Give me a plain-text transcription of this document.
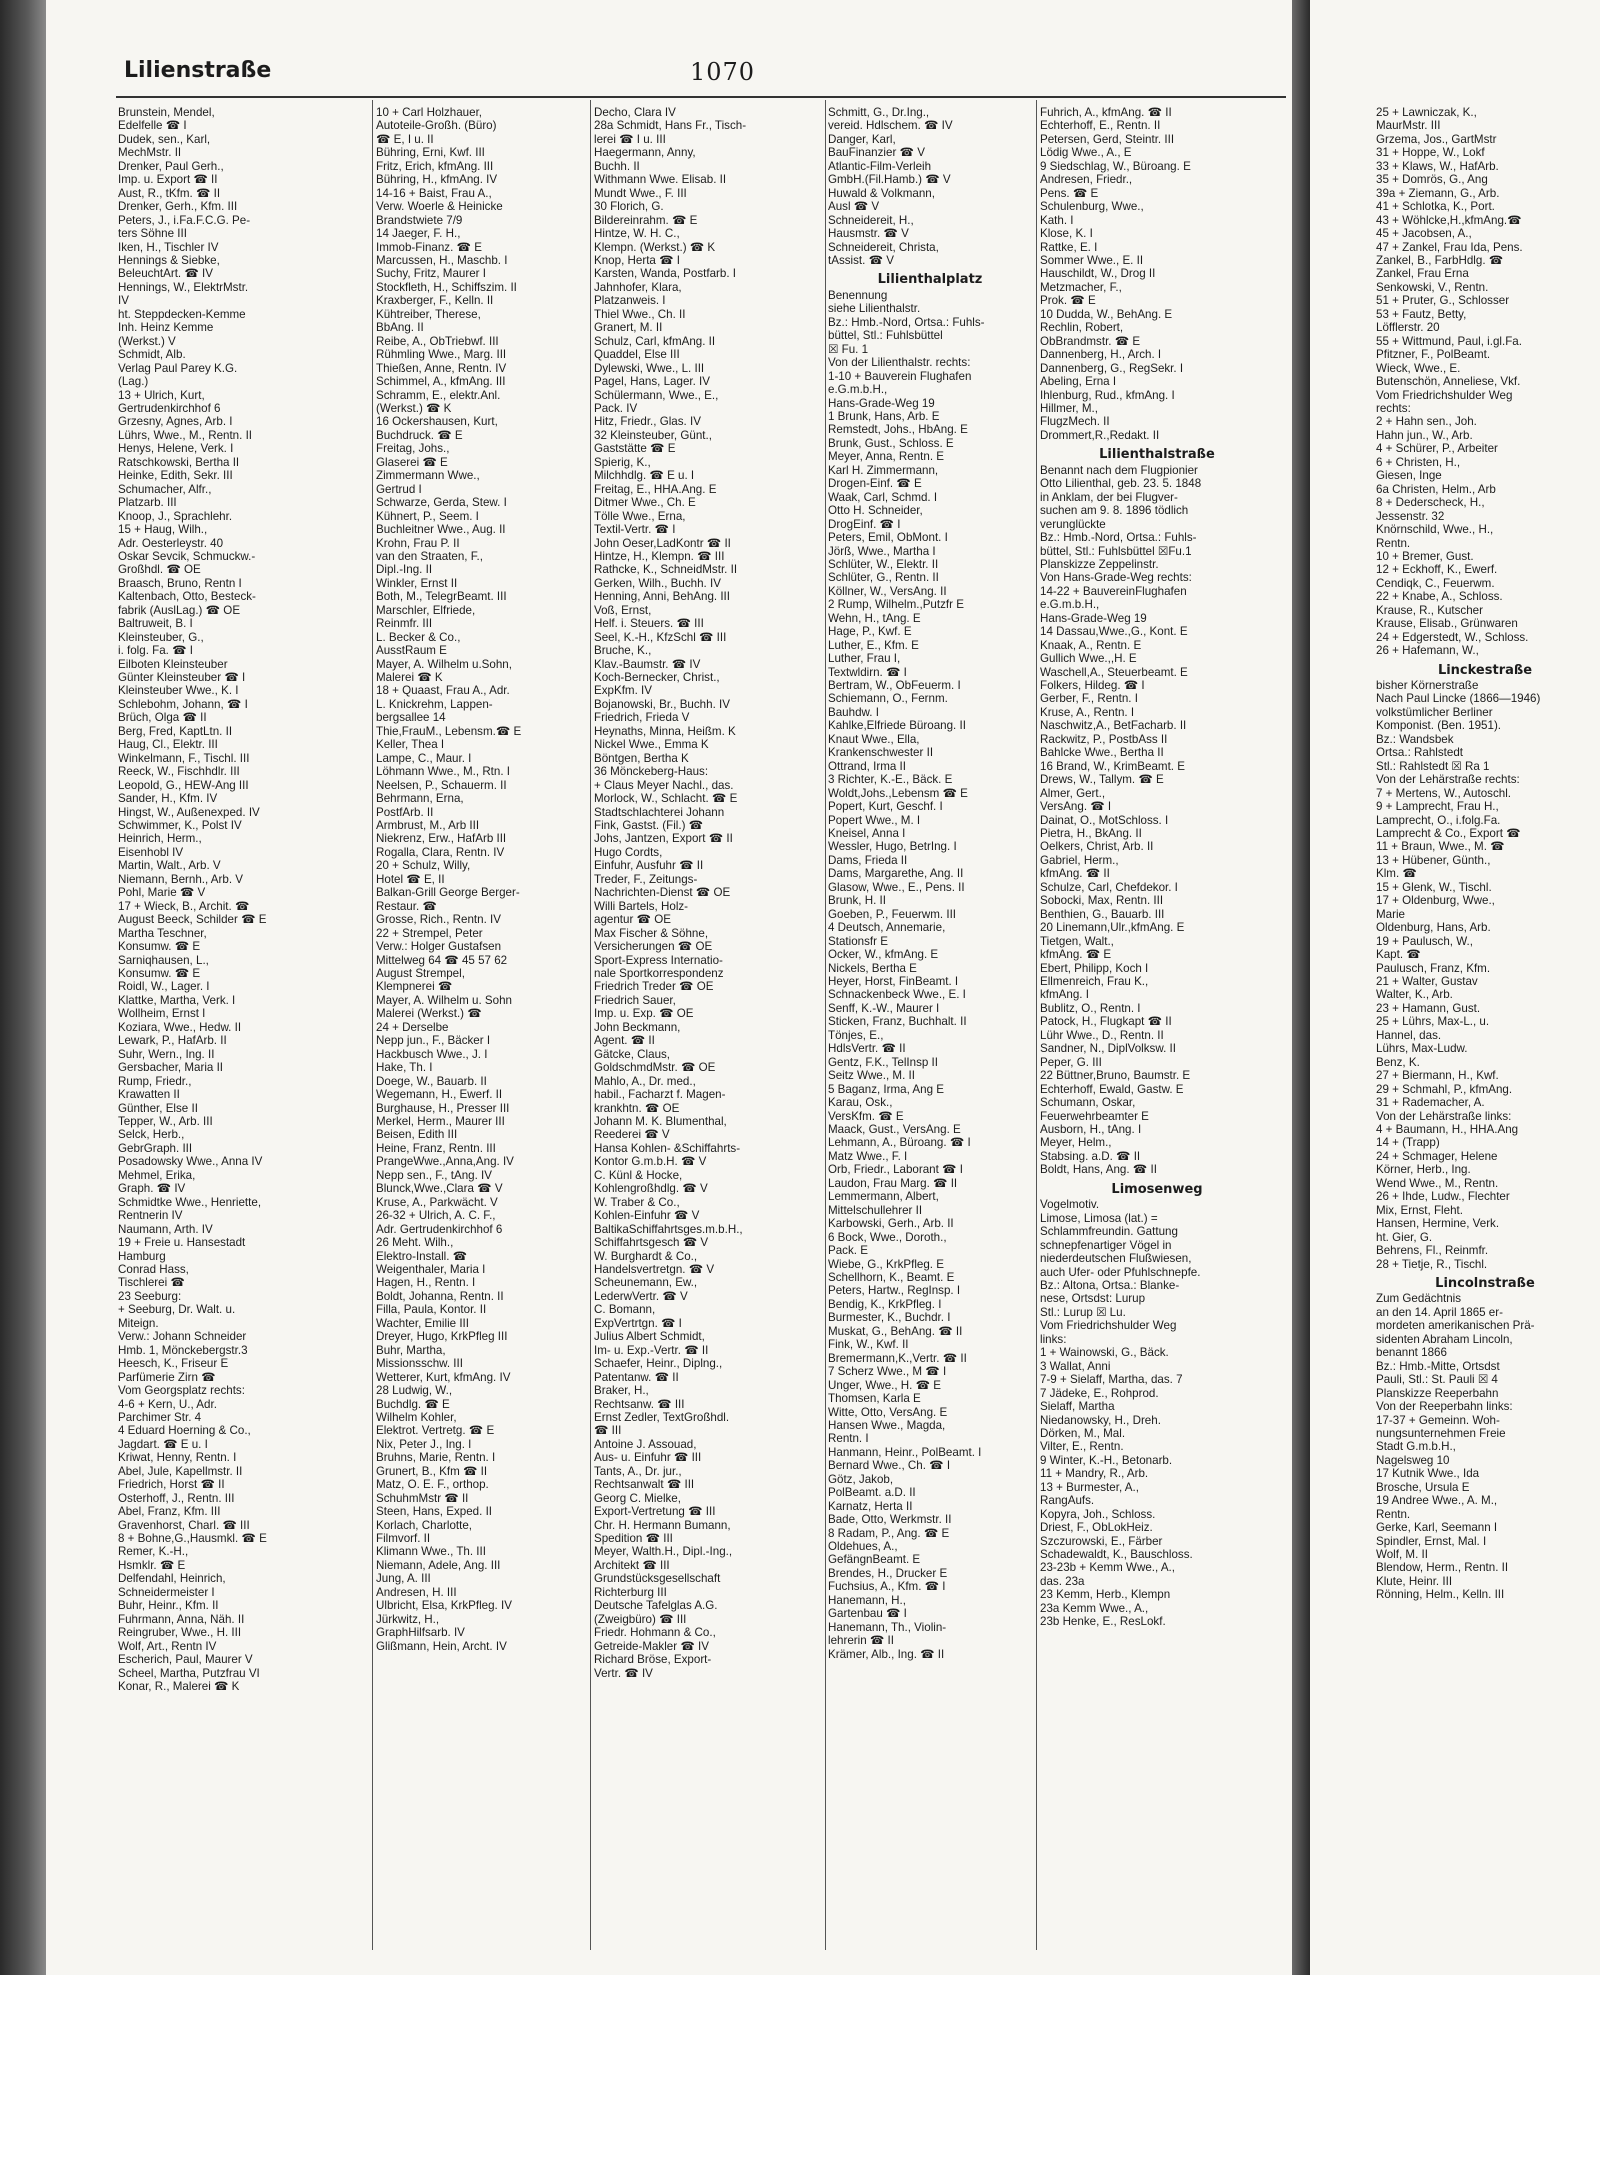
Lilienstraße	1070
Brunstein, Mendel,
Edelfelle ☎ I
Dudek, sen., Karl,
MechMstr. II
Drenker, Paul Gerh.,
Imp. u. Export ☎ II
Aust, R., tKfm. ☎ II
Drenker, Gerh., Kfm. III
Peters, J., i.Fa.F.C.G. Pe-
ters Söhne III
Iken, H., Tischler IV
Hennings & Siebke,
BeleuchtArt. ☎ IV
Hennings, W., ElektrMstr.
IV
ht. Steppdecken-Kemme
Inh. Heinz Kemme
(Werkst.) V
Schmidt, Alb.
Verlag Paul Parey K.G.
(Lag.)
13 + Ulrich, Kurt,
Gertrudenkirchhof 6
Grzesny, Agnes, Arb. I
Lührs, Wwe., M., Rentn. II
Henys, Helene, Verk. I
Ratschkowski, Bertha II
Heinke, Edith, Sekr. III
Schumacher, Alfr.,
Platzarb. III
Knoop, J., Sprachlehr.
15 + Haug, Wilh.,
Adr. Oesterleystr. 40
Oskar Sevcik, Schmuckw.-
Großhdl. ☎ OE
Braasch, Bruno, Rentn I
Kaltenbach, Otto, Besteck-
fabrik (AuslLag.) ☎ OE
Baltruweit, B. I
Kleinsteuber, G.,
i. folg. Fa. ☎ I
Eilboten Kleinsteuber
Günter Kleinsteuber ☎ I
Kleinsteuber Wwe., K. I
Schlebohm, Johann, ☎ I
Brüch, Olga ☎ II
Berg, Fred, KaptLtn. II
Haug, Cl., Elektr. III
Winkelmann, F., Tischl. III
Reeck, W., Fischhdlr. III
Leopold, G., HEW-Ang III
Sander, H., Kfm. IV
Hingst, W., Außenexped. IV
Schwimmer, K., Polst IV
Heinrich, Herm.,
Eisenhobl IV
Martin, Walt., Arb. V
Niemann, Bernh., Arb. V
Pohl, Marie ☎ V
17 + Wieck, B., Archit. ☎
August Beeck, Schilder ☎ E
Martha Teschner,
Konsumw. ☎ E
Sarniqhausen, L.,
Konsumw. ☎ E
Roidl, W., Lager. I
Klattke, Martha, Verk. I
Wollheim, Ernst I
Koziara, Wwe., Hedw. II
Lewark, P., HafArb. II
Suhr, Wern., Ing. II
Gersbacher, Maria II
Rump, Friedr.,
Krawatten II
Günther, Else II
Tepper, W., Arb. III
Selck, Herb.,
GebrGraph. III
Posadowsky Wwe., Anna IV
Mehmel, Erika,
Graph. ☎ IV
Schmidtke Wwe., Henriette,
Rentnerin IV
Naumann, Arth. IV
19 + Freie u. Hansestadt
Hamburg
Conrad Hass,
Tischlerei ☎
23 Seeburg:
+ Seeburg, Dr. Walt. u.
Miteign.
Verw.: Johann Schneider
Hmb. 1, Mönckebergstr.3
Heesch, K., Friseur E
Parfümerie Zirn ☎
Vom Georgsplatz rechts:
4-6 + Kern, U., Adr.
Parchimer Str. 4
4 Eduard Hoerning & Co.,
Jagdart. ☎ E u. I
Kriwat, Henny, Rentn. I
Abel, Jule, Kapellmstr. II
Friedrich, Horst ☎ II
Osterhoff, J., Rentn. III
Abel, Franz, Kfm. III
Gravenhorst, Charl. ☎ III
8 + Bohne,G.,Hausmkl. ☎ E
Remer, K.-H.,
Hsmklr. ☎ E
Delfendahl, Heinrich,
Schneidermeister I
Buhr, Heinr., Kfm. II
Fuhrmann, Anna, Näh. II
Reingruber, Wwe., H. III
Wolf, Art., Rentn IV
Escherich, Paul, Maurer V
Scheel, Martha, Putzfrau VI
Konar, R., Malerei ☎ K
10 + Carl Holzhauer,
Autoteile-Großh. (Büro)
☎ E, I u. II
Bühring, Erni, Kwf. III
Fritz, Erich, kfmAng. III
Bühring, H., kfmAng. IV
14-16 + Baist, Frau A.,
Verw. Woerle & Heinicke
Brandstwiete 7/9
14 Jaeger, F. H.,
Immob-Finanz. ☎ E
Marcussen, H., Maschb. I
Suchy, Fritz, Maurer I
Stockfleth, H., Schiffszim. II
Kraxberger, F., Kelln. II
Kühtreiber, Therese,
BbAng. II
Reibe, A., ObTriebwf. III
Rühmling Wwe., Marg. III
Thießen, Anne, Rentn. IV
Schimmel, A., kfmAng. III
Schramm, E., elektr.Anl.
(Werkst.) ☎ K
16 Ockershausen, Kurt,
Buchdruck. ☎ E
Freitag, Johs.,
Glaserei ☎ E
Zimmermann Wwe.,
Gertrud I
Schwarze, Gerda, Stew. I
Kühnert, P., Seem. I
Buchleitner Wwe., Aug. II
Krohn, Frau P. II
van den Straaten, F.,
Dipl.-Ing. II
Winkler, Ernst II
Both, M., TelegrBeamt. III
Marschler, Elfriede,
Reinmfr. III
L. Becker & Co.,
AusstRaum E
Mayer, A. Wilhelm u.Sohn,
Malerei ☎ K
18 + Quaast, Frau A., Adr.
L. Knickrehm, Lappen-
bergsallee 14
Thie,FrauM., Lebensm.☎ E
Keller, Thea I
Lampe, C., Maur. I
Löhmann Wwe., M., Rtn. I
Neelsen, P., Schauerm. II
Behrmann, Erna,
PostfArb. II
Armbrust, M., Arb III
Niekrenz, Erw., HafArb III
Rogalla, Clara, Rentn. IV
20 + Schulz, Willy,
Hotel ☎ E, II
Balkan-Grill George Berger-
Restaur. ☎
Grosse, Rich., Rentn. IV
22 + Strempel, Peter
Verw.: Holger Gustafsen
Mittelweg 64 ☎ 45 57 62
August Strempel,
Klempnerei ☎
Mayer, A. Wilhelm u. Sohn
Malerei (Werkst.) ☎
24 + Derselbe
Nepp jun., F., Bäcker I
Hackbusch Wwe., J. I
Hake, Th. I
Doege, W., Bauarb. II
Wegemann, H., Ewerf. II
Burghause, H., Presser III
Merkel, Herm., Maurer III
Beisen, Edith III
Heine, Franz, Rentn. III
PrangeWwe.,Anna,Ang. IV
Nepp sen., F., tAng. IV
Blunck,Wwe.,Clara ☎ V
Kruse, A., Parkwächt. V
26-32 + Ulrich, A. C. F.,
Adr. Gertrudenkirchhof 6
26 Meht. Wilh.,
Elektro-Install. ☎
Weigenthaler, Maria I
Hagen, H., Rentn. I
Boldt, Johanna, Rentn. II
Filla, Paula, Kontor. II
Wachter, Emilie III
Dreyer, Hugo, KrkPfleg III
Buhr, Martha,
Missionsschw. III
Wetterer, Kurt, kfmAng. IV
28 Ludwig, W.,
Buchdlg. ☎ E
Wilhelm Kohler,
Elektrot. Vertretg. ☎ E
Nix, Peter J., Ing. I
Bruhns, Marie, Rentn. I
Grunert, B., Kfm ☎ II
Matz, O. E. F., orthop.
SchuhmMstr ☎ II
Steen, Hans, Exped. II
Korlach, Charlotte,
Filmvorf. II
Klimann Wwe., Th. III
Niemann, Adele, Ang. III
Jung, A. III
Andresen, H. III
Ulbricht, Elsa, KrkPfleg. IV
Jürkwitz, H.,
GraphHilfsarb. IV
Glißmann, Hein, Archt. IV
Decho, Clara IV
28a Schmidt, Hans Fr., Tisch-
lerei ☎ I u. III
Haegermann, Anny,
Buchh. II
Withmann Wwe. Elisab. II
Mundt Wwe., F. III
30 Florich, G.
Bildereinrahm. ☎ E
Hintze, W. H. C.,
Klempn. (Werkst.) ☎ K
Knop, Herta ☎ I
Karsten, Wanda, Postfarb. I
Jahnhofer, Klara,
Platzanweis. I
Thiel Wwe., Ch. II
Granert, M. II
Schulz, Carl, kfmAng. II
Quaddel, Else III
Dylewski, Wwe., L. III
Pagel, Hans, Lager. IV
Schülermann, Wwe., E.,
Pack. IV
Hitz, Friedr., Glas. IV
32 Kleinsteuber, Günt.,
Gaststätte ☎ E
Spierig, K.,
Milchhdlg. ☎ E u. I
Freitag, E., HHA.Ang. E
Ditmer Wwe., Ch. E
Tölle Wwe., Erna,
Textil-Vertr. ☎ I
John Oeser,LadKontr ☎ II
Hintze, H., Klempn. ☎ III
Rathcke, K., SchneidMstr. II
Gerken, Wilh., Buchh. IV
Henning, Anni, BehAng. III
Voß, Ernst,
Helf. i. Steuers. ☎ III
Seel, K.-H., KfzSchl ☎ III
Bruche, K.,
Klav.-Baumstr. ☎ IV
Koch-Bernecker, Christ.,
ExpKfm. IV
Bojanowski, Br., Buchh. IV
Friedrich, Frieda V
Heynaths, Minna, Heißm. K
Nickel Wwe., Emma K
Böntgen, Bertha K
36 Mönckeberg-Haus:
+ Claus Meyer Nachl., das.
Morlock, W., Schlacht. ☎ E
Stadtschlachterei Johann
Fink, Gastst. (Fil.) ☎
Johs, Jantzen, Export ☎ II
Hugo Cordts,
Einfuhr, Ausfuhr ☎ II
Treder, F., Zeitungs-
Nachrichten-Dienst ☎ OE
Willi Bartels, Holz-
agentur ☎ OE
Max Fischer & Söhne,
Versicherungen ☎ OE
Sport-Express Internatio-
nale Sportkorrespondenz
Friedrich Treder ☎ OE
Friedrich Sauer,
Imp. u. Exp. ☎ OE
John Beckmann,
Agent. ☎ II
Gätcke, Claus,
GoldschmdMstr. ☎ OE
Mahlo, A., Dr. med.,
habil., Facharzt f. Magen-
krankhtn. ☎ OE
Johann M. K. Blumenthal,
Reederei ☎ V
Hansa Kohlen- &Schiffahrts-
Kontor G.m.b.H. ☎ V
C. Künl & Hocke,
Kohlengroßhdlg. ☎ V
W. Traber & Co.,
Kohlen-Einfuhr ☎ V
BaltikaSchiffahrtsges.m.b.H.,
Schiffahrtsgesch ☎ V
W. Burghardt & Co.,
Handelsvertretgn. ☎ V
Scheunemann, Ew.,
LederwVertr. ☎ V
C. Bomann,
ExpVertrtgn. ☎ I
Julius Albert Schmidt,
Im- u. Exp.-Vertr. ☎ II
Schaefer, Heinr., Diplng.,
Patentanw. ☎ II
Braker, H.,
Rechtsanw. ☎ III
Ernst Zedler, TextGroßhdl.
☎ III
Antoine J. Assouad,
Aus- u. Einfuhr ☎ III
Tants, A., Dr. jur.,
Rechtsanwalt ☎ III
Georg C. Mielke,
Export-Vertretung ☎ III
Chr. H. Hermann Bumann,
Spedition ☎ III
Meyer, Walth.H., Dipl.-Ing.,
Architekt ☎ III
Grundstücksgesellschaft
Richterburg III
Deutsche Tafelglas A.G.
(Zweigbüro) ☎ III
Friedr. Hohmann & Co.,
Getreide-Makler ☎ IV
Richard Bröse, Export-
Vertr. ☎ IV
Schmitt, G., Dr.Ing.,
vereid. Hdlschem. ☎ IV
Danger, Karl,
BauFinanzier ☎ V
Atlantic-Film-Verleih
GmbH.(Fil.Hamb.) ☎ V
Huwald & Volkmann,
Ausl ☎ V
Schneidereit, H.,
Hausmstr. ☎ V
Schneidereit, Christa,
tAssist. ☎ V
Lilienthalplatz
Benennung
siehe Lilienthalstr.
Bz.: Hmb.-Nord, Ortsa.: Fuhls-
büttel, Stl.: Fuhlsbüttel
☒ Fu. 1
Von der Lilienthalstr. rechts:
1-10 + Bauverein Flughafen
e.G.m.b.H.,
Hans-Grade-Weg 19
1 Brunk, Hans, Arb. E
Remstedt, Johs., HbAng. E
Brunk, Gust., Schloss. E
Meyer, Anna, Rentn. E
Karl H. Zimmermann,
Drogen-Einf. ☎ E
Waak, Carl, Schmd. I
Otto H. Schneider,
DrogEinf. ☎ I
Peters, Emil, ObMont. I
Jörß, Wwe., Martha I
Schlüter, W., Elektr. II
Schlüter, G., Rentn. II
Köllner, W., VersAng. II
2 Rump, Wilhelm.,Putzfr E
Wehn, H., tAng. E
Hage, P., Kwf. E
Luther, E., Kfm. E
Luther, Frau I,
Textwldirn. ☎ I
Bertram, W., ObFeuerm. I
Schiemann, O., Fernm.
Bauhdw. I
Kahlke,Elfriede Büroang. II
Knaut Wwe., Ella,
Krankenschwester II
Ottrand, Irma II
3 Richter, K.-E., Bäck. E
Woldt,Johs.,Lebensm ☎ E
Popert, Kurt, Geschf. I
Popert Wwe., M. I
Kneisel, Anna I
Wessler, Hugo, BetrIng. I
Dams, Frieda II
Dams, Margarethe, Ang. II
Glasow, Wwe., E., Pens. II
Brunk, H. II
Goeben, P., Feuerwm. III
4 Deutsch, Annemarie,
Stationsfr E
Ocker, W., kfmAng. E
Nickels, Bertha E
Heyer, Horst, FinBeamt. I
Schnackenbeck Wwe., E. I
Senff, K.-W., Maurer I
Sticken, Franz, Buchhalt. II
Tönjes, E.,
HdlsVertr. ☎ II
Gentz, F.K., TelInsp II
Seitz Wwe., M. II
5 Baganz, Irma, Ang E
Karau, Osk.,
VersKfm. ☎ E
Maack, Gust., VersAng. E
Lehmann, A., Büroang. ☎ I
Matz Wwe., F. I
Orb, Friedr., Laborant ☎ I
Laudon, Frau Marg. ☎ II
Lemmermann, Albert,
Mittelschullehrer II
Karbowski, Gerh., Arb. II
6 Bock, Wwe., Doroth.,
Pack. E
Wiebe, G., KrkPfleg. E
Schellhorn, K., Beamt. E
Peters, Hartw., RegInsp. I
Bendig, K., KrkPfleg. I
Burmester, K., Buchdr. I
Muskat, G., BehAng. ☎ II
Fink, W., Kwf. II
Bremermann,K.,Vertr. ☎ II
7 Scherz Wwe., M ☎ I
Unger, Wwe., H. ☎ E
Thomsen, Karla E
Witte, Otto, VersAng. E
Hansen Wwe., Magda,
Rentn. I
Hanmann, Heinr., PolBeamt. I
Bernard Wwe., Ch. ☎ I
Götz, Jakob,
PolBeamt. a.D. II
Karnatz, Herta II
Bade, Otto, Werkmstr. II
8 Radam, P., Ang. ☎ E
Oldehues, A.,
GefängnBeamt. E
Brendes, H., Drucker E
Fuchsius, A., Kfm. ☎ I
Hanemann, H.,
Gartenbau ☎ I
Hanemann, Th., Violin-
lehrerin ☎ II
Krämer, Alb., Ing. ☎ II
Fuhrich, A., kfmAng. ☎ II
Echterhoff, E., Rentn. II
Petersen, Gerd, Steintr. III
Lödig Wwe., A., E
9 Siedschlag, W., Büroang. E
Andresen, Friedr.,
Pens. ☎ E
Schulenburg, Wwe.,
Kath. I
Klose, K. I
Rattke, E. I
Sommer Wwe., E. II
Hauschildt, W., Drog II
Metzmacher, F.,
Prok. ☎ E
10 Dudda, W., BehAng. E
Rechlin, Robert,
ObBrandmstr. ☎ E
Dannenberg, H., Arch. I
Dannenberg, G., RegSekr. I
Abeling, Erna I
Ihlenburg, Rud., kfmAng. I
Hillmer, M.,
FlugzMech. II
Drommert,R.,Redakt. II
Lilienthalstraße
Benannt nach dem Flugpionier
Otto Lilienthal, geb. 23. 5. 1848
in Anklam, der bei Flugver-
suchen am 9. 8. 1896 tödlich
verunglückte
Bz.: Hmb.-Nord, Ortsa.: Fuhls-
büttel, Stl.: Fuhlsbüttel ☒Fu.1
Planskizze Zeppelinstr.
Von Hans-Grade-Weg rechts:
14-22 + BauvereinFlughafen
e.G.m.b.H.,
Hans-Grade-Weg 19
14 Dassau,Wwe.,G., Kont. E
Knaak, A., Rentn. E
Gullich Wwe.,,H. E
Waschell,A., Steuerbeamt. E
Folkers, Hildeg. ☎ I
Gerber, F., Rentn. I
Kruse, A., Rentn. I
Naschwitz,A., BetFacharb. II
Rackwitz, P., PostbAss II
Bahlcke Wwe., Bertha II
16 Brand, W., KrimBeamt. E
Drews, W., Tallym. ☎ E
Almer, Gert.,
VersAng. ☎ I
Dainat, O., MotSchloss. I
Pietra, H., BkAng. II
Oelkers, Christ, Arb. II
Gabriel, Herm.,
kfmAng. ☎ II
Schulze, Carl, Chefdekor. I
Sobocki, Max, Rentn. III
Benthien, G., Bauarb. III
20 Linemann,Ulr.,kfmAng. E
Tietgen, Walt.,
kfmAng. ☎ E
Ebert, Philipp, Koch I
Ellmenreich, Frau K.,
kfmAng. I
Bublitz, O., Rentn. I
Patock, H., Flugkapt ☎ II
Lühr Wwe., D., Rentn. II
Sandner, N., DiplVolksw. II
Peper, G. III
22 Büttner,Bruno, Baumstr. E
Echterhoff, Ewald, Gastw. E
Schumann, Oskar,
Feuerwehrbeamter E
Ausborn, H., tAng. I
Meyer, Helm.,
Stabsing. a.D. ☎ II
Boldt, Hans, Ang. ☎ II
Limosenweg
Vogelmotiv.
Limose, Limosa (lat.) =
Schlammfreundin. Gattung
schnepfenartiger Vögel in
niederdeutschen Flußwiesen,
auch Ufer- oder Pfuhlschnepfe.
Bz.: Altona, Ortsa.: Blanke-
nese, Ortsdst: Lurup
Stl.: Lurup ☒ Lu.
Vom Friedrichshulder Weg
links:
1 + Wainowski, G., Bäck.
3 Wallat, Anni
7-9 + Sielaff, Martha, das. 7
7 Jädeke, E., Rohprod.
Sielaff, Martha
Niedanowsky, H., Dreh.
Dörken, M., Mal.
Vilter, E., Rentn.
9 Winter, K.-H., Betonarb.
11 + Mandry, R., Arb.
13 + Burmester, A.,
RangAufs.
Kopyra, Joh., Schloss.
Driest, F., ObLokHeiz.
Szczurowski, E., Färber
Schadewaldt, K., Bauschloss.
23-23b + Kemm Wwe., A.,
das. 23a
23 Kemm, Herb., Klempn
23a Kemm Wwe., A.,
23b Henke, E., ResLokf.
25 + Lawniczak, K.,
MaurMstr. III
Grzema, Jos., GartMstr
31 + Hoppe, W., Lokf
33 + Klaws, W., HafArb.
35 + Domrös, G., Ang
39a + Ziemann, G., Arb.
41 + Schlotka, K., Port.
43 + Wöhlcke,H.,kfmAng.☎
45 + Jacobsen, A.,
47 + Zankel, Frau Ida, Pens.
Zankel, B., FarbHdlg. ☎
Zankel, Frau Erna
Senkowski, V., Rentn.
51 + Pruter, G., Schlosser
53 + Fautz, Betty,
Löfflerstr. 20
55 + Wittmund, Paul, i.gl.Fa.
Pfitzner, F., PolBeamt.
Wieck, Wwe., E.
Butenschön, Anneliese, Vkf.
Vom Friedrichshulder Weg
rechts:
2 + Hahn sen., Joh.
Hahn jun., W., Arb.
4 + Schürer, P., Arbeiter
6 + Christen, H.,
Giesen, Inge
6a Christen, Helm., Arb
8 + Dederscheck, H.,
Jessenstr. 32
Knörnschild, Wwe., H.,
Rentn.
10 + Bremer, Gust.
12 + Eckhoff, K., Ewerf.
Cendiqk, C., Feuerwm.
22 + Knabe, A., Schloss.
Krause, R., Kutscher
Krause, Elisab., Grünwaren
24 + Edgerstedt, W., Schloss.
26 + Hafemann, W.,
Linckestraße
bisher Körnerstraße
Nach Paul Lincke (1866—1946)
volkstümlicher Berliner
Komponist. (Ben. 1951).
Bz.: Wandsbek
Ortsa.: Rahlstedt
Stl.: Rahlstedt ☒ Ra 1
Von der Lehärstraße rechts:
7 + Mertens, W., Autoschl.
9 + Lamprecht, Frau H.,
Lamprecht, O., i.folg.Fa.
Lamprecht & Co., Export ☎
11 + Braun, Wwe., M. ☎
13 + Hübener, Günth.,
Klm. ☎
15 + Glenk, W., Tischl.
17 + Oldenburg, Wwe.,
Marie
Oldenburg, Hans, Arb.
19 + Paulusch, W.,
Kapt. ☎
Paulusch, Franz, Kfm.
21 + Walter, Gustav
Walter, K., Arb.
23 + Hamann, Gust.
25 + Lührs, Max-L., u.
Hannel, das.
Lührs, Max-Ludw.
Benz, K.
27 + Biermann, H., Kwf.
29 + Schmahl, P., kfmAng.
31 + Rademacher, A.
Von der Lehärstraße links:
4 + Baumann, H., HHA.Ang
14 + (Trapp)
24 + Schmager, Helene
Körner, Herb., Ing.
Wend Wwe., M., Rentn.
26 + Ihde, Ludw., Flechter
Mix, Ernst, Fleht.
Hansen, Hermine, Verk.
ht. Gier, G.
Behrens, Fl., Reinmfr.
28 + Tietje, R., Tischl.
Lincolnstraße
Zum Gedächtnis
an den 14. April 1865 er-
mordeten amerikanischen Prä-
sidenten Abraham Lincoln,
benannt 1866
Bz.: Hmb.-Mitte, Ortsdst
Pauli, Stl.: St. Pauli ☒ 4
Planskizze Reeperbahn
Von der Reeperbahn links:
17-37 + Gemeinn. Woh-
nungsunternehmen Freie
Stadt G.m.b.H.,
Nagelsweg 10
17 Kutnik Wwe., Ida
Brosche, Ursula E
19 Andree Wwe., A. M.,
Rentn.
Gerke, Karl, Seemann I
Spindler, Ernst, Mal. I
Wolf, M. II
Blendow, Herm., Rentn. II
Klute, Heinr. III
Rönning, Helm., Kelln. III
